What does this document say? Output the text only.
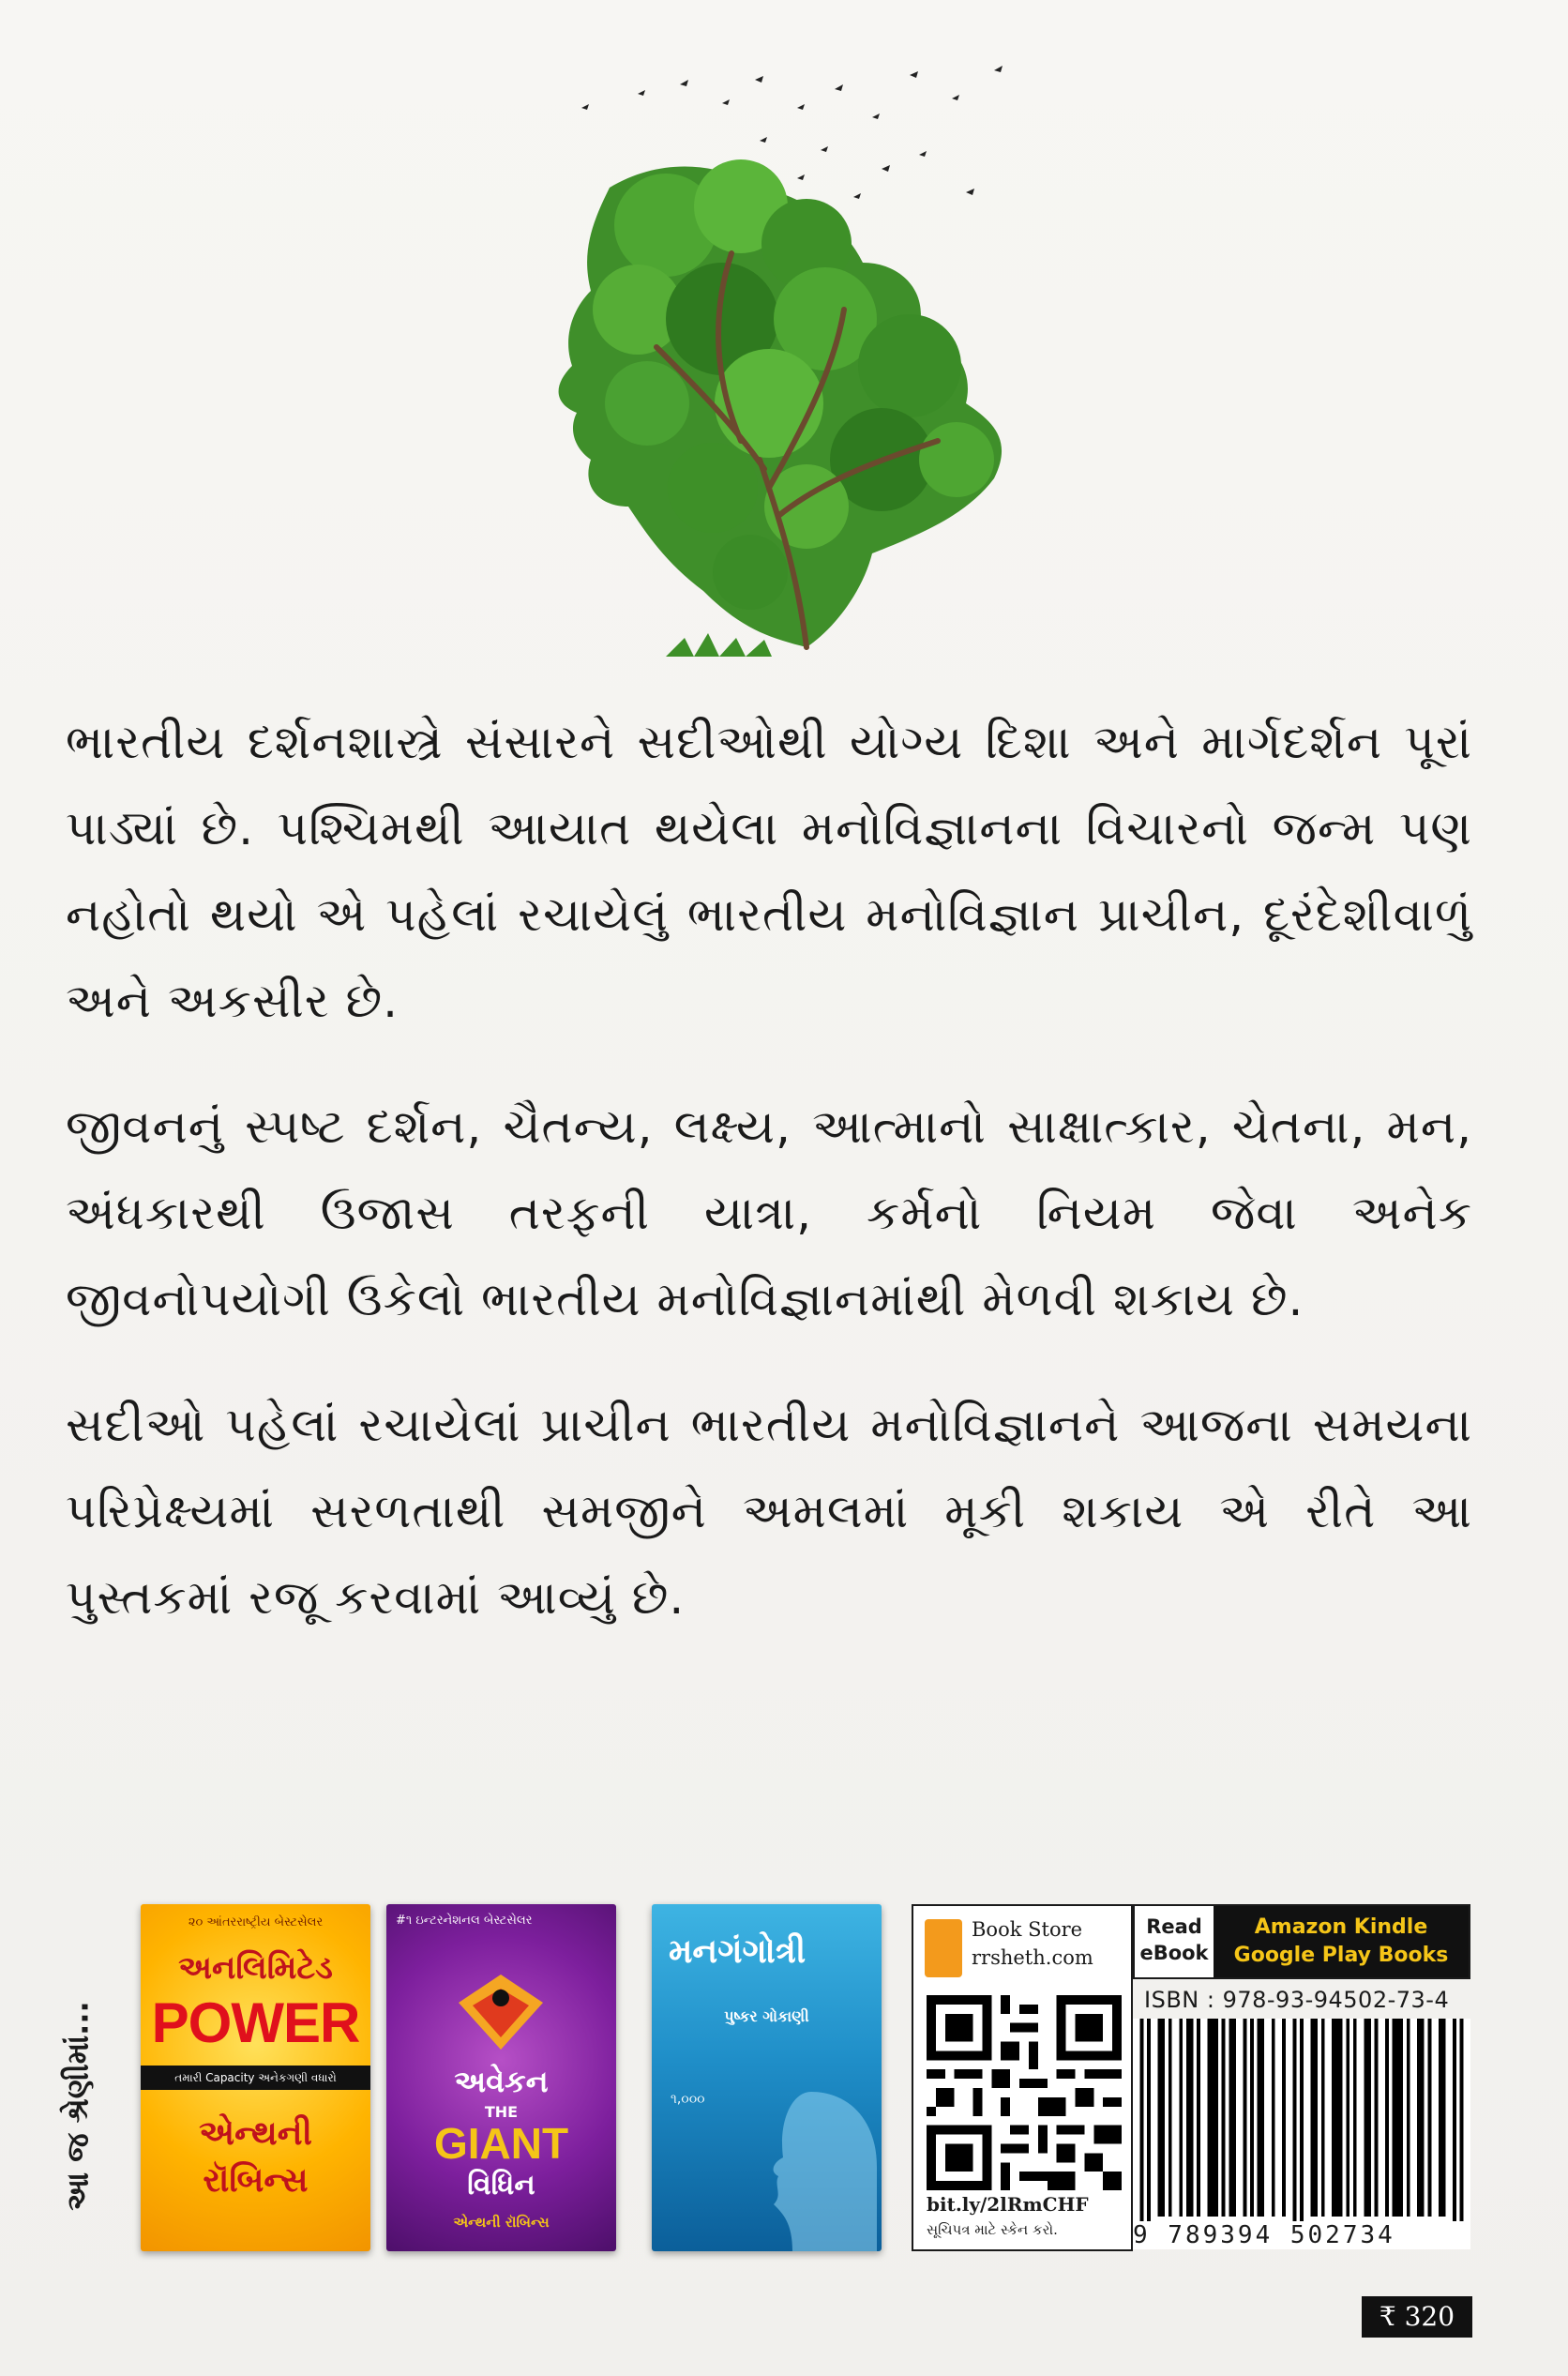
ભારતીય દર્શનશાસ્ત્રે સંસારને સદીઓથી યોગ્ય દિશા અને માર્ગદર્શન પૂરાં પાડ્યાં છે. પશ્ચિમથી આયાત થયેલા મનોવિજ્ઞાનના વિચારનો જન્મ પણ નહોતો થયો એ પહેલાં રચાયેલું ભારતીય મનોવિજ્ઞાન પ્રાચીન, દૂરંદેશીવાળું અને અકસીર છે.

જીવનનું સ્પષ્ટ દર્શન, ચૈતન્ય, લક્ષ્ય, આત્માનો સાક્ષાત્કાર, ચેતના, મન, અંધકારથી ઉજાસ તરફની યાત્રા, કર્મનો નિયમ જેવા અનેક જીવનોપયોગી ઉકેલો ભારતીય મનોવિજ્ઞાનમાંથી મેળવી શકાય છે.

સદીઓ પહેલાં રચાયેલાં પ્રાચીન ભારતીય મનોવિજ્ઞાનને આજના સમયના પરિપ્રેક્ષ્યમાં સરળતાથી સમજીને અમલમાં મૂકી શકાય એ રીતે આ પુસ્તકમાં રજૂ કરવામાં આવ્યું છે.

આ જ શ્રેણીમાં...
૨૦ આંતરરાષ્ટ્રીય બેસ્ટસેલર
અનલિમિટેડ
POWER
તમારી Capacity અનેકગણી વધારો
એન્થની રૉબિન્સ
#૧ ઇન્ટરનેશનલ બેસ્ટસેલર
અવેકન
THE
GIANT
વિધિન
એન્થની રૉબિન્સ
મનગંગોત્રી
પુષ્કર ગોકાણી
૧,૦૦૦
Book Store
rrsheth.com
bit.ly/2lRmCHF
સૂચિપત્ર માટે સ્કેન કરો.
Read
eBook
Amazon Kindle
Google Play Books
ISBN : 978-93-94502-73-4
9 789394 502734
₹ 320
